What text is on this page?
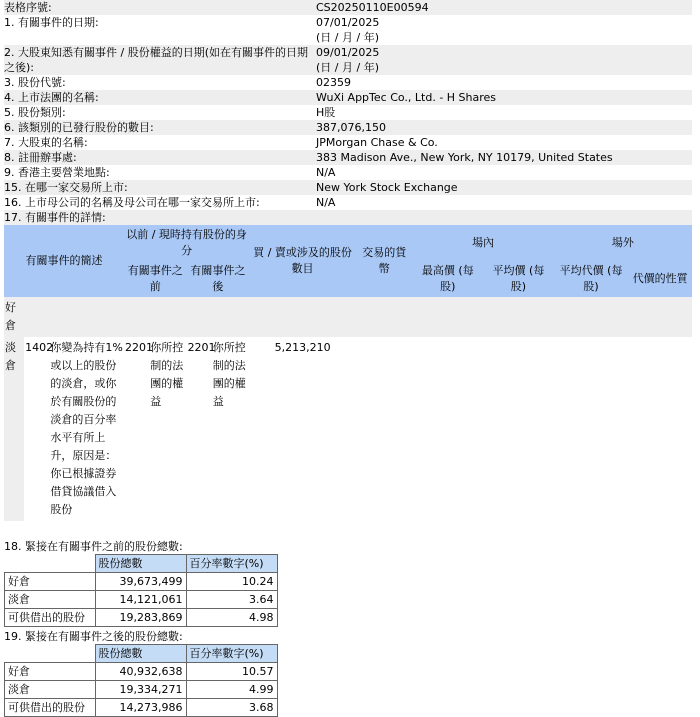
表格序號:	CS20250110E00594
1. 有關事件的日期:	07/01/2025
(日 / 月 / 年)
2. 大股東知悉有關事件 / 股份權益的日期(如在有關事件的日期
之後):
09/01/2025
(日 / 月 / 年)
3. 股份代號:	02359
4. 上市法團的名稱:	WuXi AppTec Co., Ltd. - H Shares
5. 股份類別:	H股
6. 該類別的已發行股份的數目:	387,076,150
7. 大股東的名稱:	JPMorgan Chase & Co.
8. 註冊辦事處:	383 Madison Ave., New York, NY 10179, United States
9. 香港主要營業地點:	N/A
15. 在哪一家交易所上市:	New York Stock Exchange
16. 上市母公司的名稱及母公司在哪一家交易所上市:	N/A
17. 有關事件的詳情:
有關事件的簡述			以前 / 現時持有股份的身分				買 / 賣或涉及的股份數目	交易的貨幣	場內		場外	
			有關事件之前		有關事件之後				最高價 (每股)	平均價 (每股)	平均代價 (每股)	代價的性質
好倉												
淡倉	1402	你變為持有1%或以上的股份的淡倉，或你於有關股份的淡倉的百分率水平有所上升，原因是：你已根據證券借貸協議借入股份	2201	你所控制的法團的權益	2201	你所控制的法團的權益	5,213,210					
18. 緊接在有關事件之前的股份總數:
	股份總數	百分率數字(%)
好倉	39,673,499	10.24
淡倉	14,121,061	3.64
可供借出的股份	19,283,869	4.98
19. 緊接在有關事件之後的股份總數:
	股份總數	百分率數字(%)
好倉	40,932,638	10.57
淡倉	19,334,271	4.99
可供借出的股份	14,273,986	3.68
